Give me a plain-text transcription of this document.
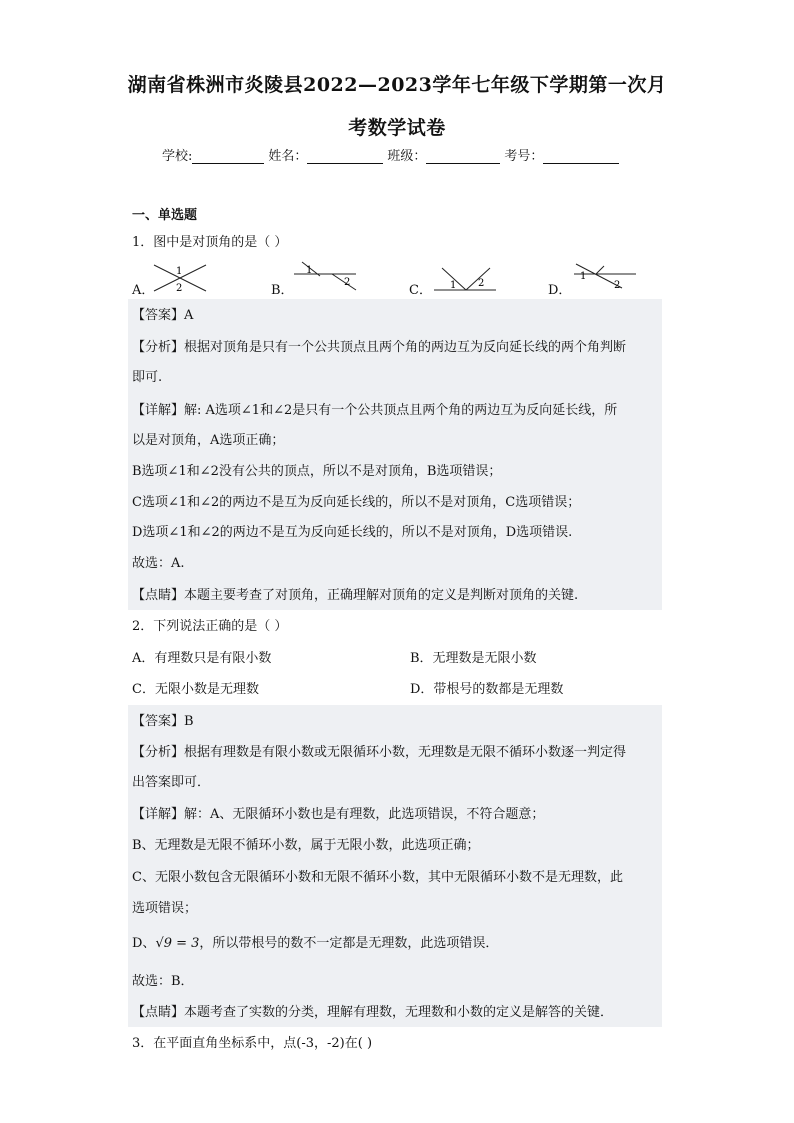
湖南省株洲市炎陵县2022—2023学年七年级下学期第一次月
考数学试卷
学校:	姓名：	班级：	考号：
一、单选题
1．图中是对顶角的是（ ）
A．
1
2	B．
1
2
C． 1 2	D．
1
2
【答案】A
【分析】根据对顶角是只有一个公共顶点且两个角的两边互为反向延长线的两个角判断
即可.
【详解】解: A选项∠1和∠2是只有一个公共顶点且两个角的两边互为反向延长线，所
以是对顶角，A选项正确；
B选项∠1和∠2没有公共的顶点，所以不是对顶角，B选项错误；
C选项∠1和∠2的两边不是互为反向延长线的，所以不是对顶角，C选项错误；
D选项∠1和∠2的两边不是互为反向延长线的，所以不是对顶角，D选项错误.
故选：A.
【点睛】本题主要考查了对顶角，正确理解对顶角的定义是判断对顶角的关键.
2．下列说法正确的是（ ）
A．有理数只是有限小数	B．无理数是无限小数
C．无限小数是无理数	D．带根号的数都是无理数
【答案】B
【分析】根据有理数是有限小数或无限循环小数，无理数是无限不循环小数逐一判定得
出答案即可．
【详解】解：A、无限循环小数也是有理数，此选项错误，不符合题意；
B、无理数是无限不循环小数，属于无限小数，此选项正确；
C、无限小数包含无限循环小数和无限不循环小数，其中无限循环小数不是无理数，此
选项错误；
D、√9 = 3，所以带根号的数不一定都是无理数，此选项错误．
故选：B．
【点睛】本题考查了实数的分类，理解有理数，无理数和小数的定义是解答的关键．
3．在平面直角坐标系中，点(-3，-2)在( )
